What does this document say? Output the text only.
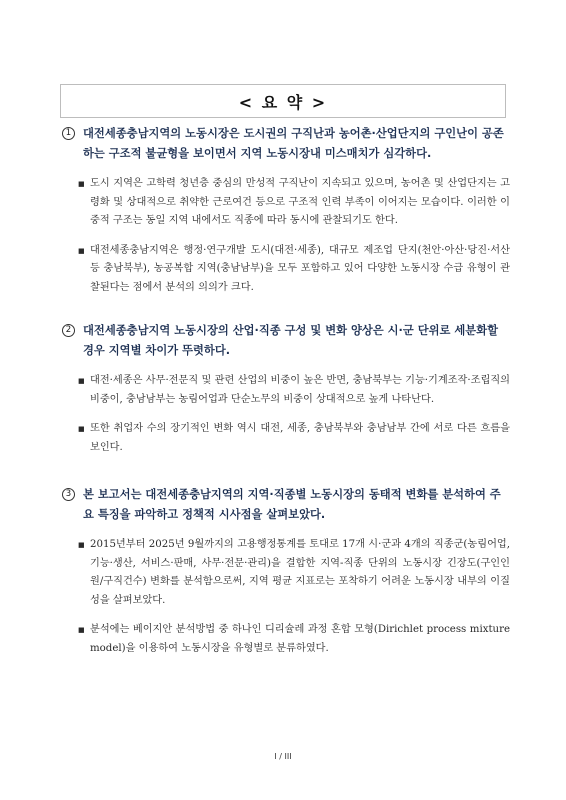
< 요 약 >
1	대전세종충남지역의 노동시장은 도시권의 구직난과 농어촌·산업단지의 구인난이 공존하는 구조적 불균형을 보이면서 지역 노동시장내 미스매치가 심각하다.
■ 도시 지역은 고학력 청년층 중심의 만성적 구직난이 지속되고 있으며, 농어촌 및 산업단지는 고령화 및 상대적으로 취약한 근로여건 등으로 구조적 인력 부족이 이어지는 모습이다. 이러한 이중적 구조는 동일 지역 내에서도 직종에 따라 동시에 관찰되기도 한다.
■ 대전세종충남지역은 행정·연구개발 도시(대전·세종), 대규모 제조업 단지(천안·아산·당진·서산 등 충남북부), 농공복합 지역(충남남부)을 모두 포함하고 있어 다양한 노동시장 수급 유형이 관찰된다는 점에서 분석의 의의가 크다.
2	대전세종충남지역 노동시장의 산업·직종 구성 및 변화 양상은 시·군 단위로 세분화할 경우 지역별 차이가 뚜렷하다.
■ 대전·세종은 사무·전문직 및 관련 산업의 비중이 높은 반면, 충남북부는 기능·기계조작·조립직의 비중이, 충남남부는 농림어업과 단순노무의 비중이 상대적으로 높게 나타난다.
■ 또한 취업자 수의 장기적인 변화 역시 대전, 세종, 충남북부와 충남남부 간에 서로 다른 흐름을 보인다.
3	본 보고서는 대전세종충남지역의 지역·직종별 노동시장의 동태적 변화를 분석하여 주요 특징을 파악하고 정책적 시사점을 살펴보았다.
■ 2015년부터 2025년 9월까지의 고용행정통계를 토대로 17개 시·군과 4개의 직종군(농림어업, 기능·생산, 서비스·판매, 사무·전문·관리)을 결합한 지역-직종 단위의 노동시장 긴장도(구인인원/구직건수) 변화를 분석함으로써, 지역 평균 지표로는 포착하기 어려운 노동시장 내부의 이질성을 살펴보았다.
■ 분석에는 베이지안 분석방법 중 하나인 디리슐레 과정 혼합 모형(Dirichlet process mixture model)을 이용하여 노동시장을 유형별로 분류하였다.
I / III
